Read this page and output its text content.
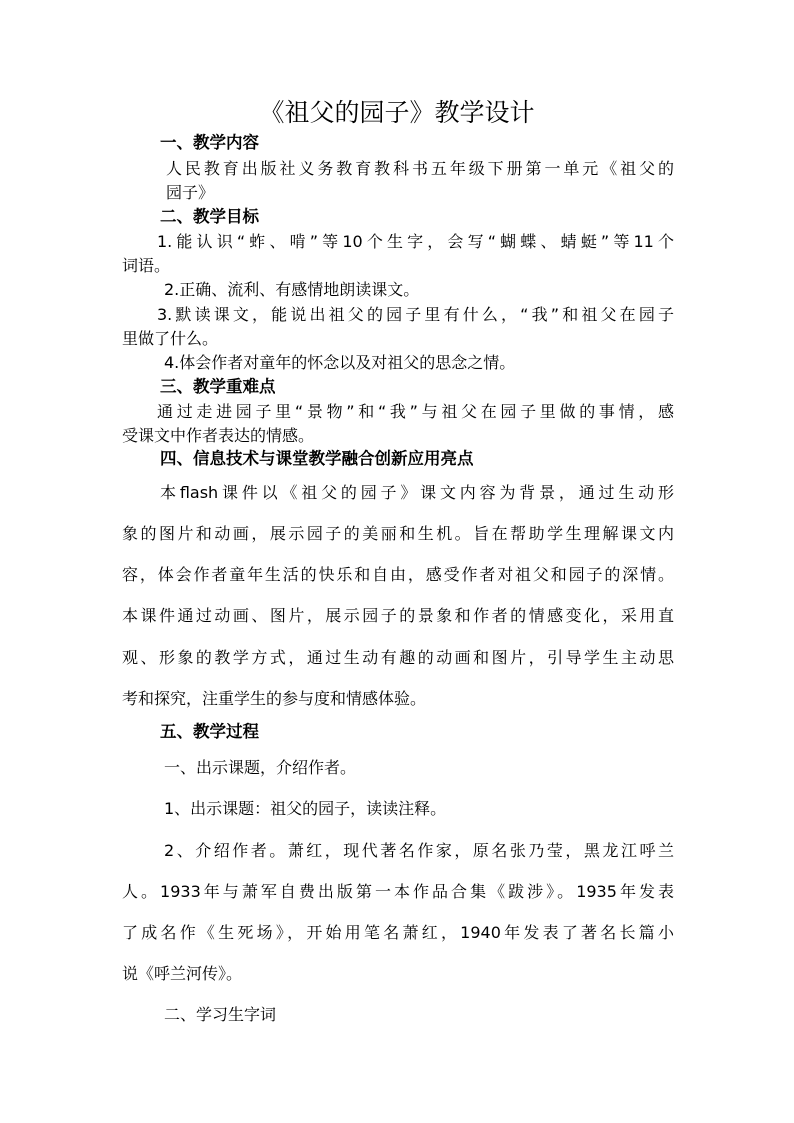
《祖父的园子》教学设计

一、教学内容

人民教育出版社义务教育教科书五年级下册第一单元《祖父的

园子》

二、教学目标

1.能认识“蚱、啃”等10个生字，会写“蝴蝶、蜻蜓”等11个

词语。

2.正确、流利、有感情地朗读课文。

3.默读课文，能说出祖父的园子里有什么，“我”和祖父在园子

里做了什么。

4.体会作者对童年的怀念以及对祖父的思念之情。

三、教学重难点

通过走进园子里“景物”和“我”与祖父在园子里做的事情，感

受课文中作者表达的情感。

四、信息技术与课堂教学融合创新应用亮点

本flash课件以《祖父的园子》课文内容为背景，通过生动形

象的图片和动画，展示园子的美丽和生机。旨在帮助学生理解课文内

容，体会作者童年生活的快乐和自由，感受作者对祖父和园子的深情。

本课件通过动画、图片，展示园子的景象和作者的情感变化，采用直

观、形象的教学方式，通过生动有趣的动画和图片，引导学生主动思

考和探究，注重学生的参与度和情感体验。

五、教学过程

一、出示课题，介绍作者。

1、出示课题：祖父的园子，读读注释。

2、介绍作者。萧红，现代著名作家，原名张乃莹，黑龙江呼兰

人。1933年与萧军自费出版第一本作品合集《跋涉》。1935年发表

了成名作《生死场》，开始用笔名萧红，1940年发表了著名长篇小

说《呼兰河传》。

二、学习生字词
